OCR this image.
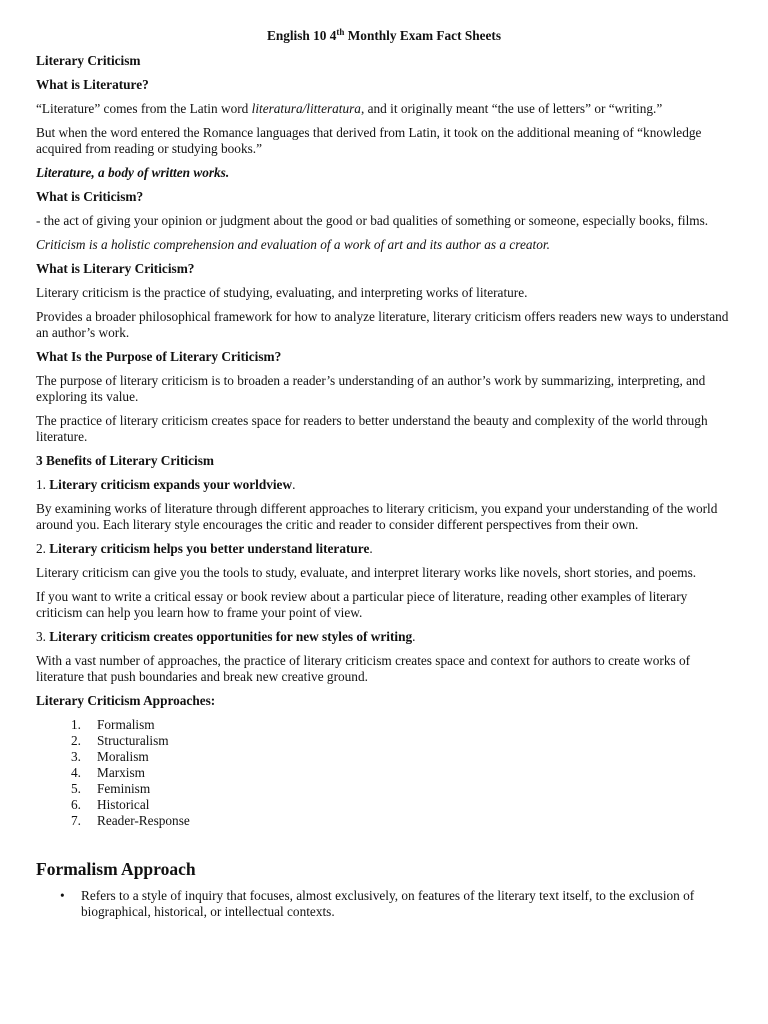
English 10 4th Monthly Exam Fact Sheets

Literary Criticism

What is Literature?

“Literature” comes from the Latin word literatura/litteratura, and it originally meant “the use of letters” or “writing.”

But when the word entered the Romance languages that derived from Latin, it took on the additional meaning of “knowledge acquired from reading or studying books.”

Literature, a body of written works.

What is Criticism?

- the act of giving your opinion or judgment about the good or bad qualities of something or someone, especially books, films.

Criticism is a holistic comprehension and evaluation of a work of art and its author as a creator.

What is Literary Criticism?

Literary criticism is the practice of studying, evaluating, and interpreting works of literature.

Provides a broader philosophical framework for how to analyze literature, literary criticism offers readers new ways to understand an author’s work.

What Is the Purpose of Literary Criticism?

The purpose of literary criticism is to broaden a reader’s understanding of an author’s work by summarizing, interpreting, and exploring its value.

The practice of literary criticism creates space for readers to better understand the beauty and complexity of the world through literature.

3 Benefits of Literary Criticism

1. Literary criticism expands your worldview.

By examining works of literature through different approaches to literary criticism, you expand your understanding of the world around you. Each literary style encourages the critic and reader to consider different perspectives from their own.

2. Literary criticism helps you better understand literature.

Literary criticism can give you the tools to study, evaluate, and interpret literary works like novels, short stories, and poems.

If you want to write a critical essay or book review about a particular piece of literature, reading other examples of literary criticism can help you learn how to frame your point of view.

3. Literary criticism creates opportunities for new styles of writing.

With a vast number of approaches, the practice of literary criticism creates space and context for authors to create works of literature that push boundaries and break new creative ground.

Literary Criticism Approaches:

1. Formalism
2. Structuralism
3. Moralism
4. Marxism
5. Feminism
6. Historical
7. Reader-Response
Formalism Approach
•	Refers to a style of inquiry that focuses, almost exclusively, on features of the literary text itself, to the exclusion of biographical, historical, or intellectual contexts.
